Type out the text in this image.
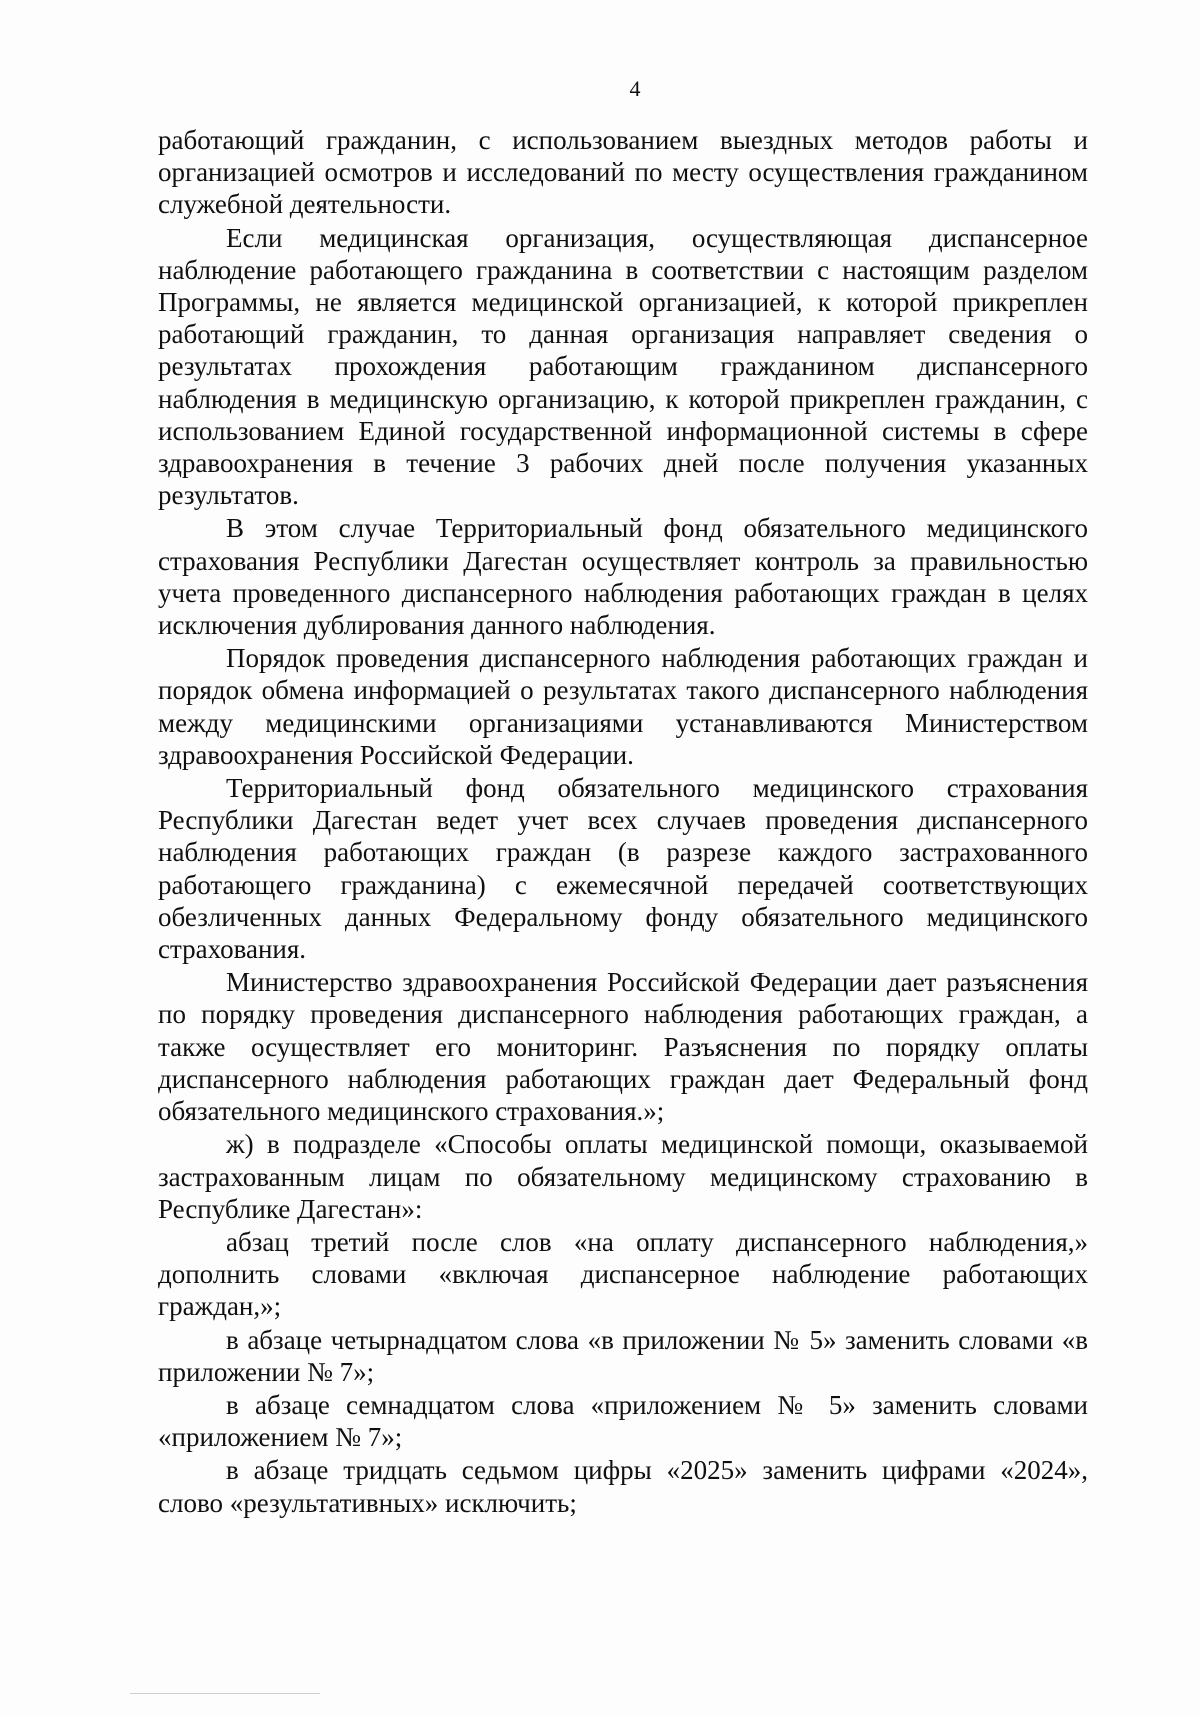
4

работающий гражданин, с использованием выездных методов работы и организацией осмотров и исследований по месту осуществления гражданином служебной деятельности.

Если медицинская организация, осуществляющая диспансерное наблюдение работающего гражданина в соответствии с настоящим разделом Программы, не является медицинской организацией, к которой прикреплен работающий гражданин, то данная организация направляет сведения о результатах прохождения работающим гражданином диспансерного наблюдения в медицинскую организацию, к которой прикреплен гражданин, с использованием Единой государственной информационной системы в сфере здравоохранения в течение 3 рабочих дней после получения указанных результатов.

В этом случае Территориальный фонд обязательного медицинского страхования Республики Дагестан осуществляет контроль за правильностью учета проведенного диспансерного наблюдения работающих граждан в целях исключения дублирования данного наблюдения.

Порядок проведения диспансерного наблюдения работающих граждан и порядок обмена информацией о результатах такого диспансерного наблюдения между медицинскими организациями устанавливаются Министерством здравоохранения Российской Федерации.

Территориальный фонд обязательного медицинского страхования Республики Дагестан ведет учет всех случаев проведения диспансерного наблюдения работающих граждан (в разрезе каждого застрахованного работающего гражданина) с ежемесячной передачей соответствующих обезличенных данных Федеральному фонду обязательного медицинского страхования.

Министерство здравоохранения Российской Федерации дает разъяснения по порядку проведения диспансерного наблюдения работающих граждан, а также осуществляет его мониторинг. Разъяснения по порядку оплаты диспансерного наблюдения работающих граждан дает Федеральный фонд обязательного медицинского страхования.»;

ж) в подразделе «Способы оплаты медицинской помощи, оказываемой застрахованным лицам по обязательному медицинскому страхованию в Республике Дагестан»:

абзац третий после слов «на оплату диспансерного наблюдения,» дополнить словами «включая диспансерное наблюдение работающих граждан,»;

в абзаце четырнадцатом слова «в приложении № 5» заменить словами «в приложении № 7»;

в абзаце семнадцатом слова «приложением № 5» заменить словами «приложением № 7»;

в абзаце тридцать седьмом цифры «2025» заменить цифрами «2024», слово «результативных» исключить;
